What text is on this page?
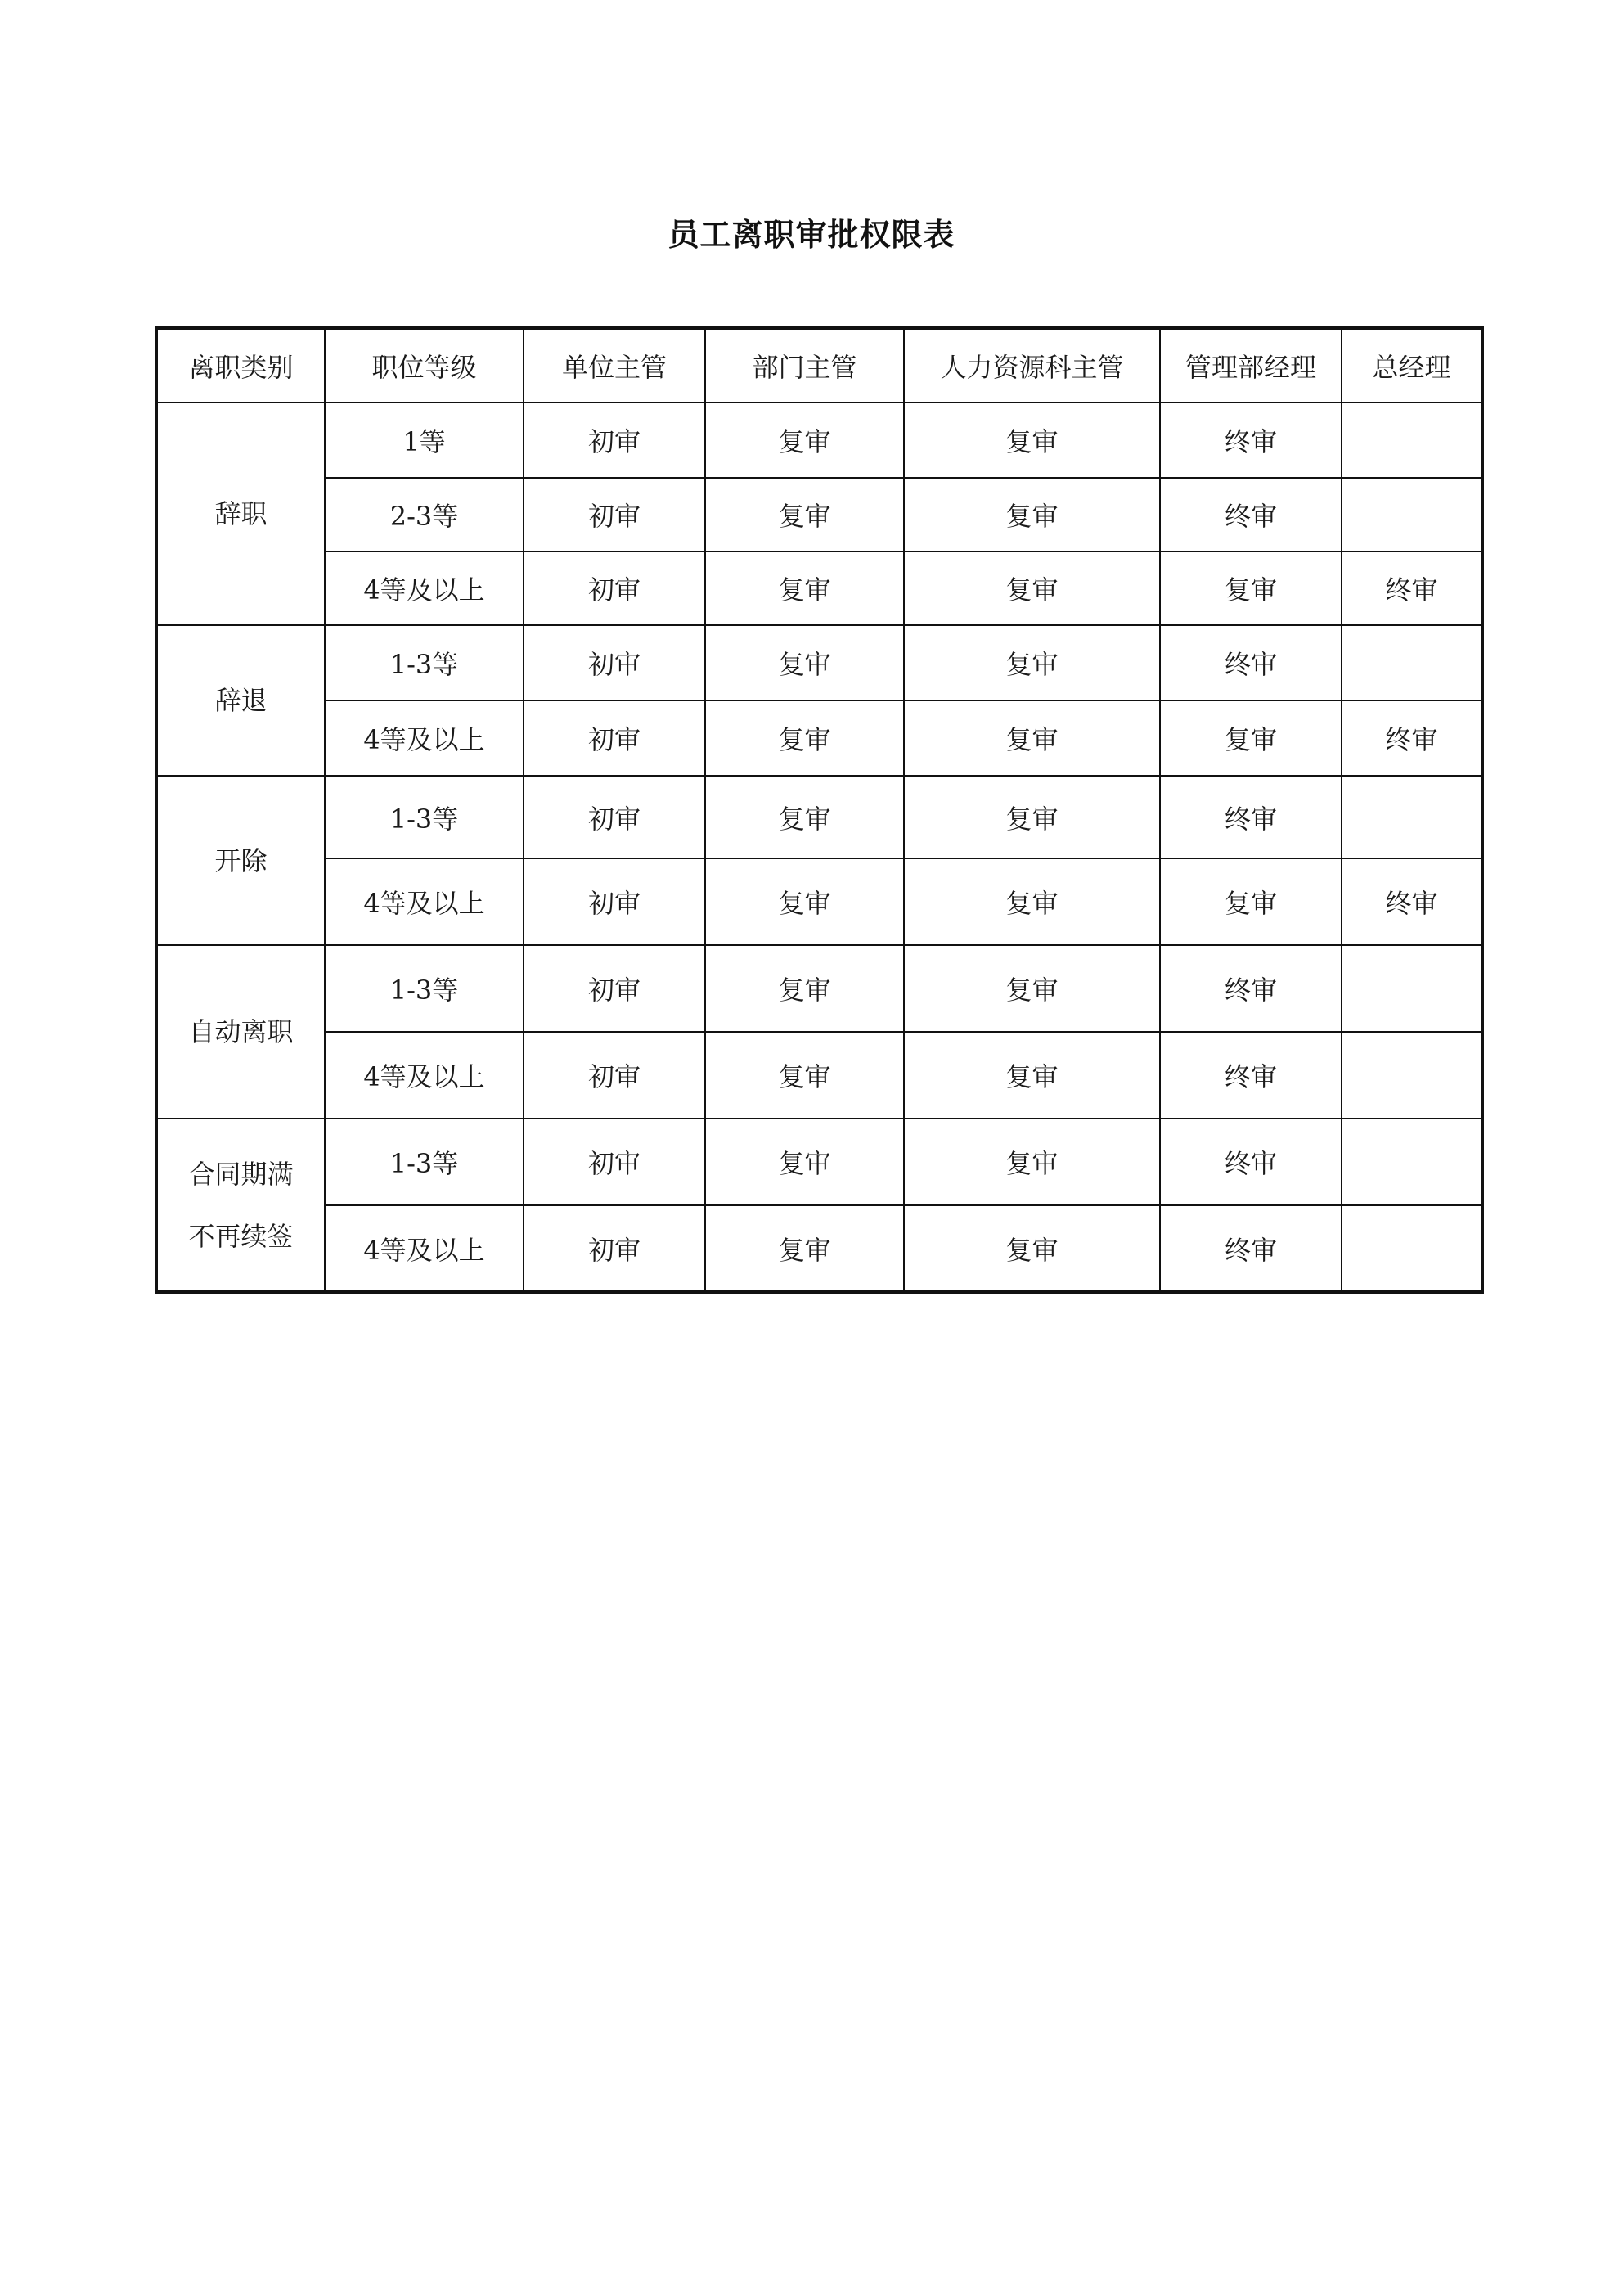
员工离职审批权限表
离职类别	职位等级	单位主管	部门主管	人力资源科主管	管理部经理	总经理

辞职	1等	初审	复审	复审	终审	
	2-3等	初审	复审	复审	终审	
	4等及以上	初审	复审	复审	复审	终审

辞退	1-3等	初审	复审	复审	终审	
	4等及以上	初审	复审	复审	复审	终审

开除	1-3等	初审	复审	复审	终审	
	4等及以上	初审	复审	复审	复审	终审

自动离职	1-3等	初审	复审	复审	终审	
	4等及以上	初审	复审	复审	终审	

合同期满
不再续签	1-3等	初审	复审	复审	终审	
	4等及以上	初审	复审	复审	终审	
